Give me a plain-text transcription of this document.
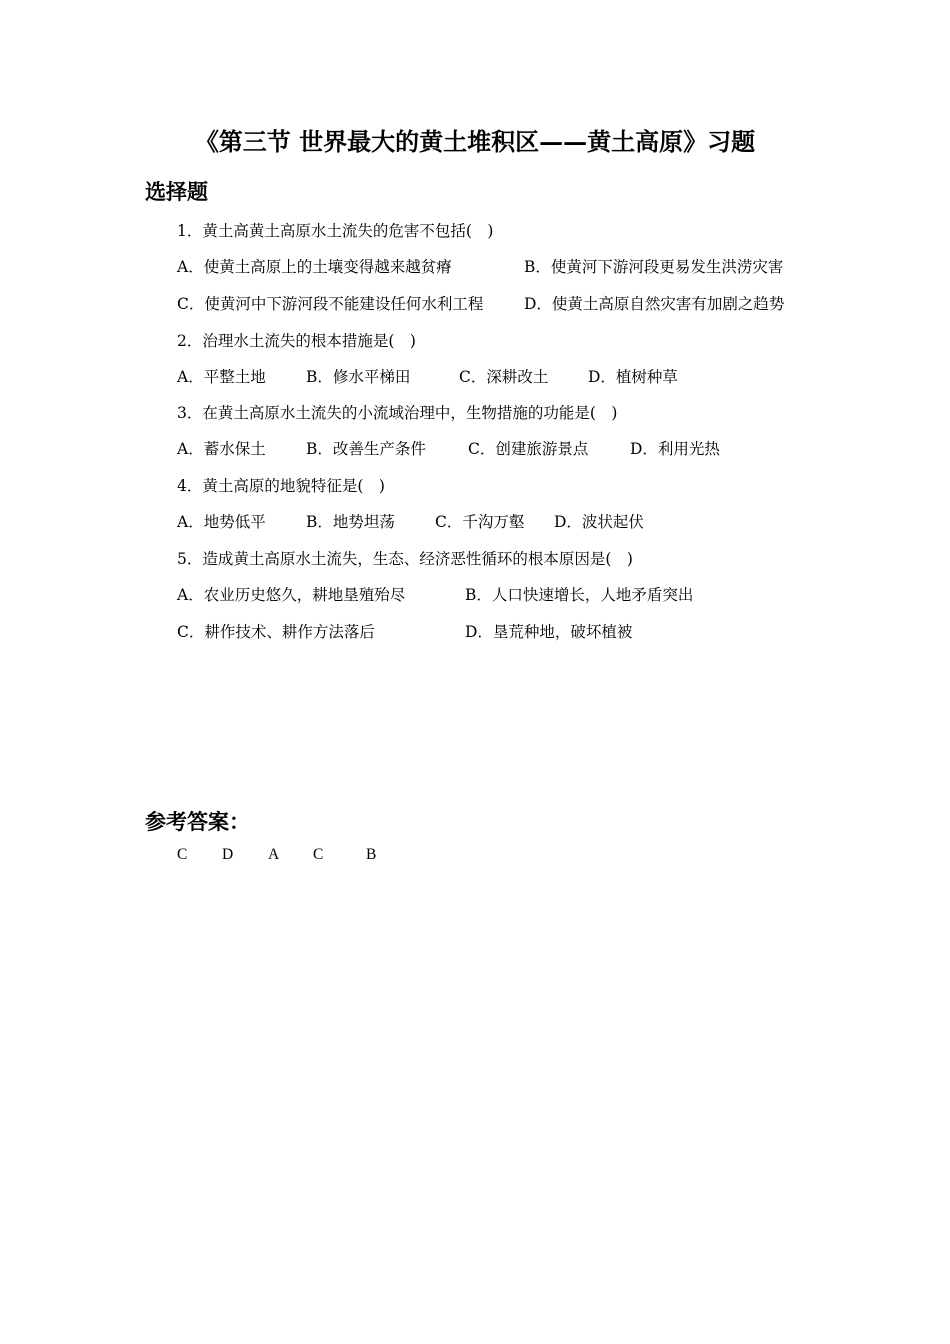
《第三节 世界最大的黄土堆积区——黄土高原》习题
选择题
1．黄土高黄土高原水土流失的危害不包括(　)
A．使黄土高原上的土壤变得越来越贫瘠	B．使黄河下游河段更易发生洪涝灾害
C．使黄河中下游河段不能建设任何水利工程	D．使黄土高原自然灾害有加剧之趋势
2．治理水土流失的根本措施是(　)
A．平整土地	B．修水平梯田	C．深耕改土	D．植树种草
3．在黄土高原水土流失的小流域治理中，生物措施的功能是(　)
A．蓄水保土	B．改善生产条件	C．创建旅游景点	D．利用光热
4．黄土高原的地貌特征是(　)
A．地势低平	B．地势坦荡	C．千沟万壑 D．波状起伏
5．造成黄土高原水土流失，生态、经济恶性循环的根本原因是(　)
A．农业历史悠久，耕地垦殖殆尽	B．人口快速增长，人地矛盾突出
C．耕作技术、耕作方法落后	D．垦荒种地，破坏植被
参考答案：
C D A C	B
